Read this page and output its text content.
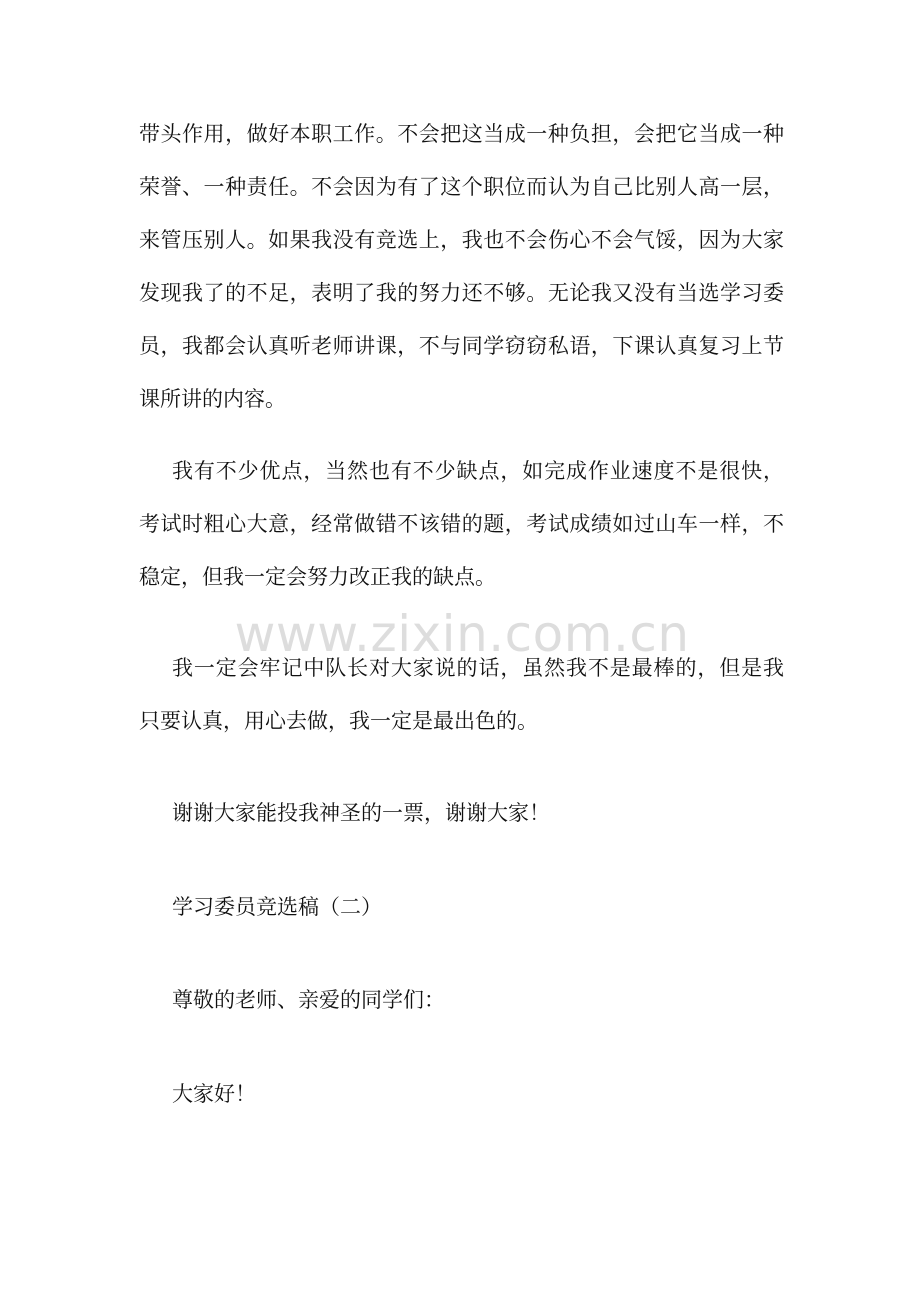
带头作用，做好本职工作。不会把这当成一种负担，会把它当成一种
荣誉、一种责任。不会因为有了这个职位而认为自己比别人高一层，
来管压别人。如果我没有竞选上，我也不会伤心不会气馁，因为大家
发现我了的不足，表明了我的努力还不够。无论我又没有当选学习委
员，我都会认真听老师讲课，不与同学窃窃私语，下课认真复习上节
课所讲的内容。
我有不少优点，当然也有不少缺点，如完成作业速度不是很快，
考试时粗心大意，经常做错不该错的题，考试成绩如过山车一样，不
稳定，但我一定会努力改正我的缺点。
www.zixin.com.cn
我一定会牢记中队长对大家说的话，虽然我不是最棒的，但是我
只要认真，用心去做，我一定是最出色的。
谢谢大家能投我神圣的一票，谢谢大家！
学习委员竞选稿（二）
尊敬的老师、亲爱的同学们：
大家好！
